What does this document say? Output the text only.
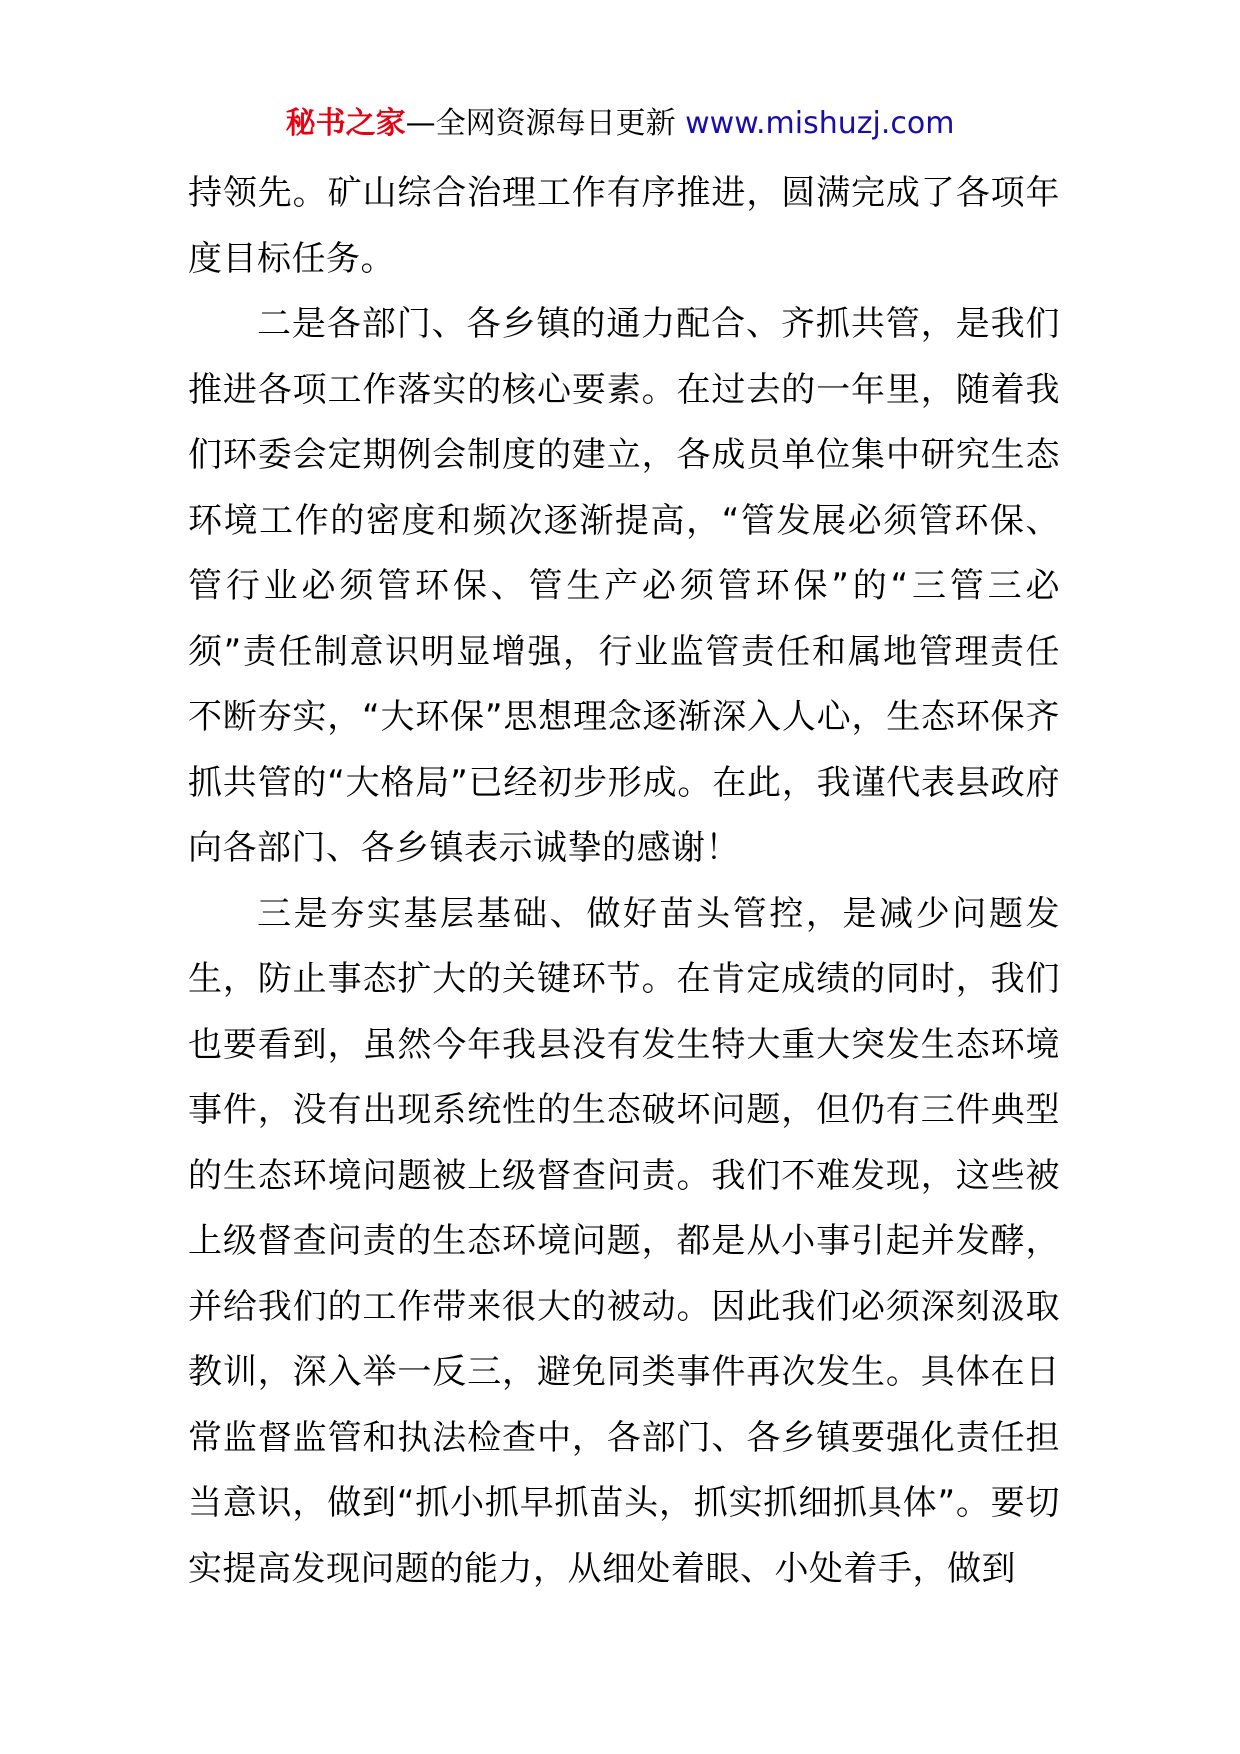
秘书之家—全网资源每日更新 www.mishuzj.com

持领先。矿山综合治理工作有序推进，圆满完成了各项年度目标任务。

二是各部门、各乡镇的通力配合、齐抓共管，是我们推进各项工作落实的核心要素。在过去的一年里，随着我们环委会定期例会制度的建立，各成员单位集中研究生态环境工作的密度和频次逐渐提高，“管发展必须管环保、管行业必须管环保、管生产必须管环保”的“三管三必须”责任制意识明显增强，行业监管责任和属地管理责任不断夯实，“大环保”思想理念逐渐深入人心，生态环保齐抓共管的“大格局”已经初步形成。在此，我谨代表县政府向各部门、各乡镇表示诚挚的感谢！

三是夯实基层基础、做好苗头管控，是减少问题发生，防止事态扩大的关键环节。在肯定成绩的同时，我们也要看到，虽然今年我县没有发生特大重大突发生态环境事件，没有出现系统性的生态破坏问题，但仍有三件典型的生态环境问题被上级督查问责。我们不难发现，这些被上级督查问责的生态环境问题，都是从小事引起并发酵，并给我们的工作带来很大的被动。因此我们必须深刻汲取教训，深入举一反三，避免同类事件再次发生。具体在日常监督监管和执法检查中，各部门、各乡镇要强化责任担当意识，做到“抓小抓早抓苗头，抓实抓细抓具体”。要切实提高发现问题的能力，从细处着眼、小处着手，做到
